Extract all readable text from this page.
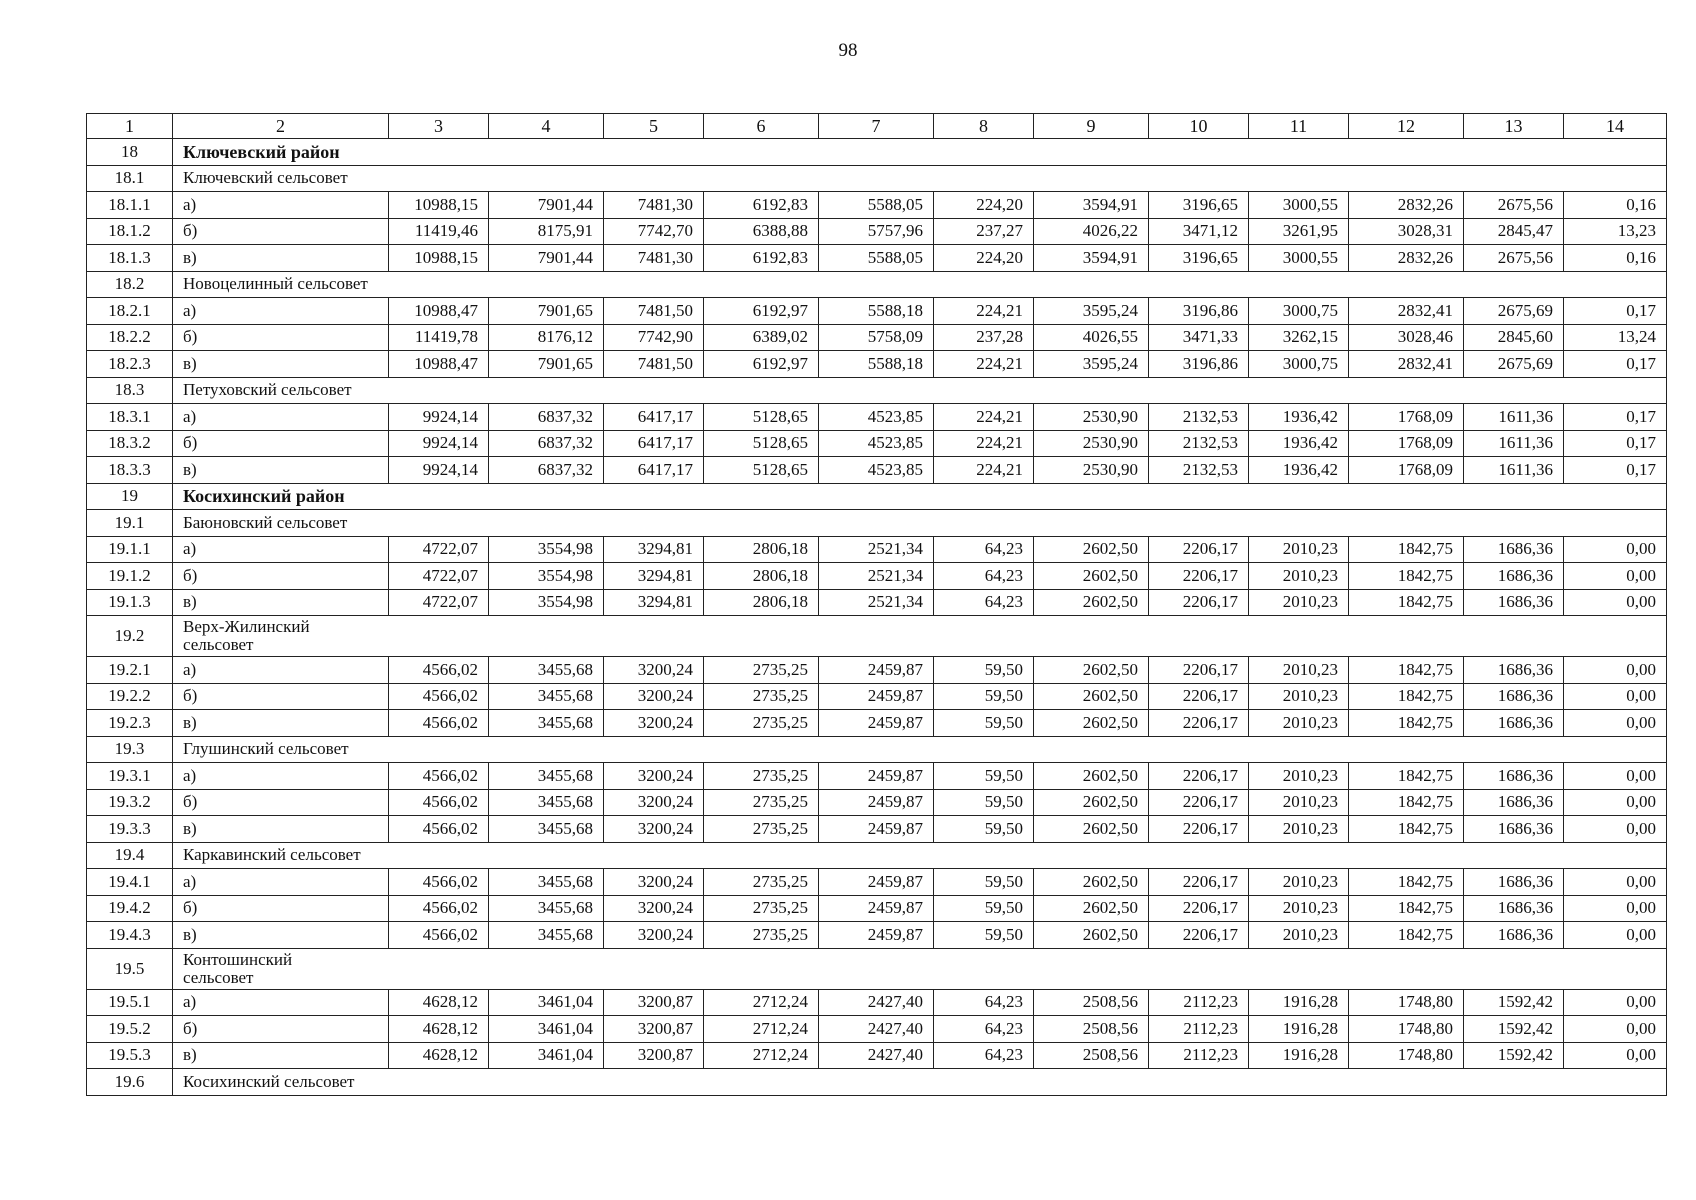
98
1	2	3	4	5	6	7	8	9	10	11	12	13	14
18	Ключевский район												
18.1	Ключевский сельсовет												
18.1.1	а)	10988,15	7901,44	7481,30	6192,83	5588,05	224,20	3594,91	3196,65	3000,55	2832,26	2675,56	0,16
18.1.2	б)	11419,46	8175,91	7742,70	6388,88	5757,96	237,27	4026,22	3471,12	3261,95	3028,31	2845,47	13,23
18.1.3	в)	10988,15	7901,44	7481,30	6192,83	5588,05	224,20	3594,91	3196,65	3000,55	2832,26	2675,56	0,16
18.2	Новоцелинный сельсовет												
18.2.1	а)	10988,47	7901,65	7481,50	6192,97	5588,18	224,21	3595,24	3196,86	3000,75	2832,41	2675,69	0,17
18.2.2	б)	11419,78	8176,12	7742,90	6389,02	5758,09	237,28	4026,55	3471,33	3262,15	3028,46	2845,60	13,24
18.2.3	в)	10988,47	7901,65	7481,50	6192,97	5588,18	224,21	3595,24	3196,86	3000,75	2832,41	2675,69	0,17
18.3	Петуховский сельсовет												
18.3.1	а)	9924,14	6837,32	6417,17	5128,65	4523,85	224,21	2530,90	2132,53	1936,42	1768,09	1611,36	0,17
18.3.2	б)	9924,14	6837,32	6417,17	5128,65	4523,85	224,21	2530,90	2132,53	1936,42	1768,09	1611,36	0,17
18.3.3	в)	9924,14	6837,32	6417,17	5128,65	4523,85	224,21	2530,90	2132,53	1936,42	1768,09	1611,36	0,17
19	Косихинский район												
19.1	Баюновский сельсовет												
19.1.1	а)	4722,07	3554,98	3294,81	2806,18	2521,34	64,23	2602,50	2206,17	2010,23	1842,75	1686,36	0,00
19.1.2	б)	4722,07	3554,98	3294,81	2806,18	2521,34	64,23	2602,50	2206,17	2010,23	1842,75	1686,36	0,00
19.1.3	в)	4722,07	3554,98	3294,81	2806,18	2521,34	64,23	2602,50	2206,17	2010,23	1842,75	1686,36	0,00
19.2	Верх-Жилинский сельсовет												
19.2.1	а)	4566,02	3455,68	3200,24	2735,25	2459,87	59,50	2602,50	2206,17	2010,23	1842,75	1686,36	0,00
19.2.2	б)	4566,02	3455,68	3200,24	2735,25	2459,87	59,50	2602,50	2206,17	2010,23	1842,75	1686,36	0,00
19.2.3	в)	4566,02	3455,68	3200,24	2735,25	2459,87	59,50	2602,50	2206,17	2010,23	1842,75	1686,36	0,00
19.3	Глушинский сельсовет												
19.3.1	а)	4566,02	3455,68	3200,24	2735,25	2459,87	59,50	2602,50	2206,17	2010,23	1842,75	1686,36	0,00
19.3.2	б)	4566,02	3455,68	3200,24	2735,25	2459,87	59,50	2602,50	2206,17	2010,23	1842,75	1686,36	0,00
19.3.3	в)	4566,02	3455,68	3200,24	2735,25	2459,87	59,50	2602,50	2206,17	2010,23	1842,75	1686,36	0,00
19.4	Каркавинский сельсовет												
19.4.1	а)	4566,02	3455,68	3200,24	2735,25	2459,87	59,50	2602,50	2206,17	2010,23	1842,75	1686,36	0,00
19.4.2	б)	4566,02	3455,68	3200,24	2735,25	2459,87	59,50	2602,50	2206,17	2010,23	1842,75	1686,36	0,00
19.4.3	в)	4566,02	3455,68	3200,24	2735,25	2459,87	59,50	2602,50	2206,17	2010,23	1842,75	1686,36	0,00
19.5	Контошинский сельсовет												
19.5.1	а)	4628,12	3461,04	3200,87	2712,24	2427,40	64,23	2508,56	2112,23	1916,28	1748,80	1592,42	0,00
19.5.2	б)	4628,12	3461,04	3200,87	2712,24	2427,40	64,23	2508,56	2112,23	1916,28	1748,80	1592,42	0,00
19.5.3	в)	4628,12	3461,04	3200,87	2712,24	2427,40	64,23	2508,56	2112,23	1916,28	1748,80	1592,42	0,00
19.6	Косихинский сельсовет												
